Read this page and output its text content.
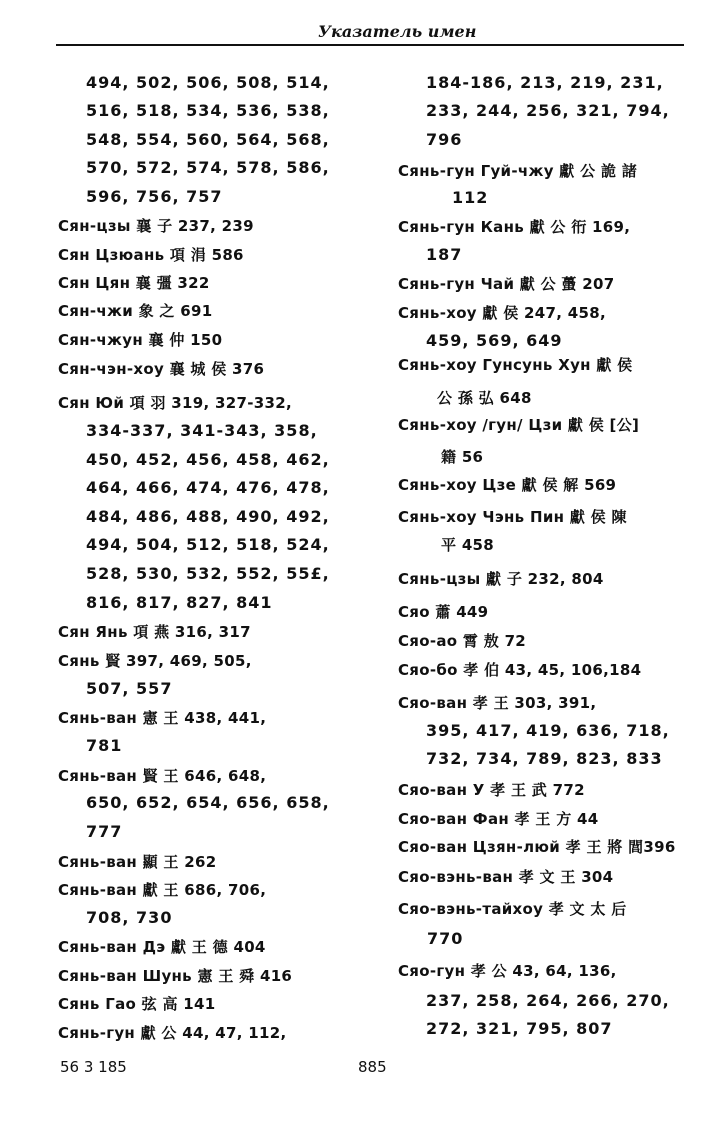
Указатель имен
494, 502, 506, 508, 514,
516, 518, 534, 536, 538,
548, 554, 560, 564, 568,
570, 572, 574, 578, 586,
596, 756, 757
Сян-цзы 襄 子 237, 239
Сян Цзюань 項 涓 586
Сян Цян 襄 彊 322
Сян-чжи 象 之 691
Сян-чжун 襄 仲 150
Сян-чэн-хоу 襄 城 侯 376
Сян Юй 項 羽 319, 327-332,
334-337, 341-343, 358,
450, 452, 456, 458, 462,
464, 466, 474, 476, 478,
484, 486, 488, 490, 492,
494, 504, 512, 518, 524,
528, 530, 532, 552, 55£,
816, 817, 827, 841
Сян Янь 項 燕 316, 317
Сянь 賢 397, 469, 505,
507, 557
Сянь-ван 憲 王 438, 441,
781
Сянь-ван 賢 王 646, 648,
650, 652, 654, 656, 658,
777
Сянь-ван 顯 王 262
Сянь-ван 獻 王 686, 706,
708, 730
Сянь-ван Дэ 獻 王 德 404
Сянь-ван Шунь 憲 王 舜 416
Сянь Гао 弦 高 141
Сянь-гун 獻 公 44, 47, 112,
184-186, 213, 219, 231,
233, 244, 256, 321, 794,
796
Сянь-гун Гуй-чжу 獻 公 詭 諸
112
Сянь-гун Кань 獻 公 衎 169,
187
Сянь-гун Чай 獻 公 蠆 207
Сянь-хоу 獻 侯 247, 458,
459, 569, 649
Сянь-хоу Гунсунь Хун 獻 侯
公 孫 弘 648
Сянь-хоу /гун/ Цзи 獻 侯 [公]
籍 56
Сянь-хоу Цзе 獻 侯 解 569
Сянь-хоу Чэнь Пин 獻 侯 陳
平 458
Сянь-цзы 獻 子 232, 804
Сяо 蕭 449
Сяо-ао 霄 敖 72
Сяо-бо 孝 伯 43, 45, 106,184
Сяо-ван 孝 王 303, 391,
395, 417, 419, 636, 718,
732, 734, 789, 823, 833
Сяо-ван У 孝 王 武 772
Сяо-ван Фан 孝 王 方 44
Сяо-ван Цзян-люй 孝 王 將 閭396
Сяо-вэнь-ван 孝 文 王 304
Сяо-вэнь-тайхоу 孝 文 太 后
770
Сяо-гун 孝 公 43, 64, 136,
237, 258, 264, 266, 270,
272, 321, 795, 807
56 3 185	885
